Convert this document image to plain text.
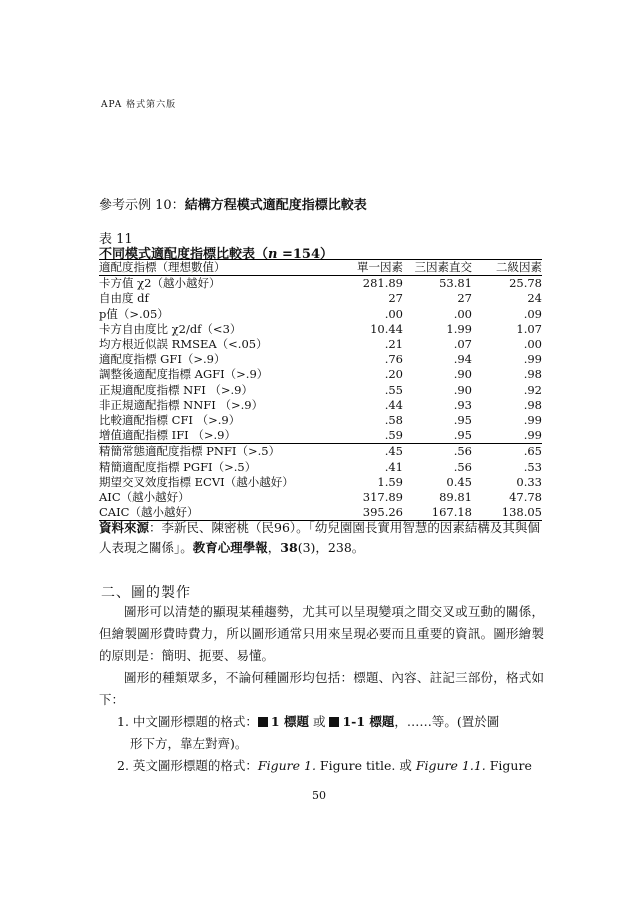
APA 格式第六版
參考示例 10：結構方程模式適配度指標比較表
表 11
不同模式適配度指標比較表（n =154）
適配度指標（理想數值）	單一因素	三因素直交	二級因素
卡方值 χ2（越小越好）	281.89	53.81	25.78
自由度 df	27	27	24
p值（>.05）	.00	.00	.09
卡方自由度比 χ2/df（<3）	10.44	1.99	1.07
均方根近似誤 RMSEA（<.05）	.21	.07	.00
適配度指標 GFI（>.9）	.76	.94	.99
調整後適配度指標 AGFI（>.9）	.20	.90	.98
正規適配度指標 NFI （>.9）	.55	.90	.92
非正規適配指標 NNFI （>.9）	.44	.93	.98
比較適配指標 CFI （>.9）	.58	.95	.99
增值適配指標 IFI （>.9）	.59	.95	.99
精簡常態適配度指標 PNFI（>.5）	.45	.56	.65
精簡適配度指標 PGFI（>.5）	.41	.56	.53
期望交叉效度指標 ECVI（越小越好）	1.59	0.45	0.33
AIC（越小越好）	317.89	89.81	47.78
CAIC（越小越好）	395.26	167.18	138.05
資料來源：李新民、陳密桃（民96）。「幼兒園園長實用智慧的因素結構及其與個人表現之關係」。教育心理學報，38(3)，238。
二、圖的製作
圖形可以清楚的顯現某種趨勢，尤其可以呈現變項之間交叉或互動的關係，但繪製圖形費時費力，所以圖形通常只用來呈現必要而且重要的資訊。圖形繪製的原則是：簡明、扼要、易懂。
圖形的種類眾多，不論何種圖形均包括：標題、內容、註記三部份，格式如下：
1. 中文圖形標題的格式： 1 標題 或 1-1 標題，……等。(置於圖
形下方，靠左對齊)。
2. 英文圖形標題的格式：Figure 1. Figure title. 或 Figure 1.1. Figure
50
